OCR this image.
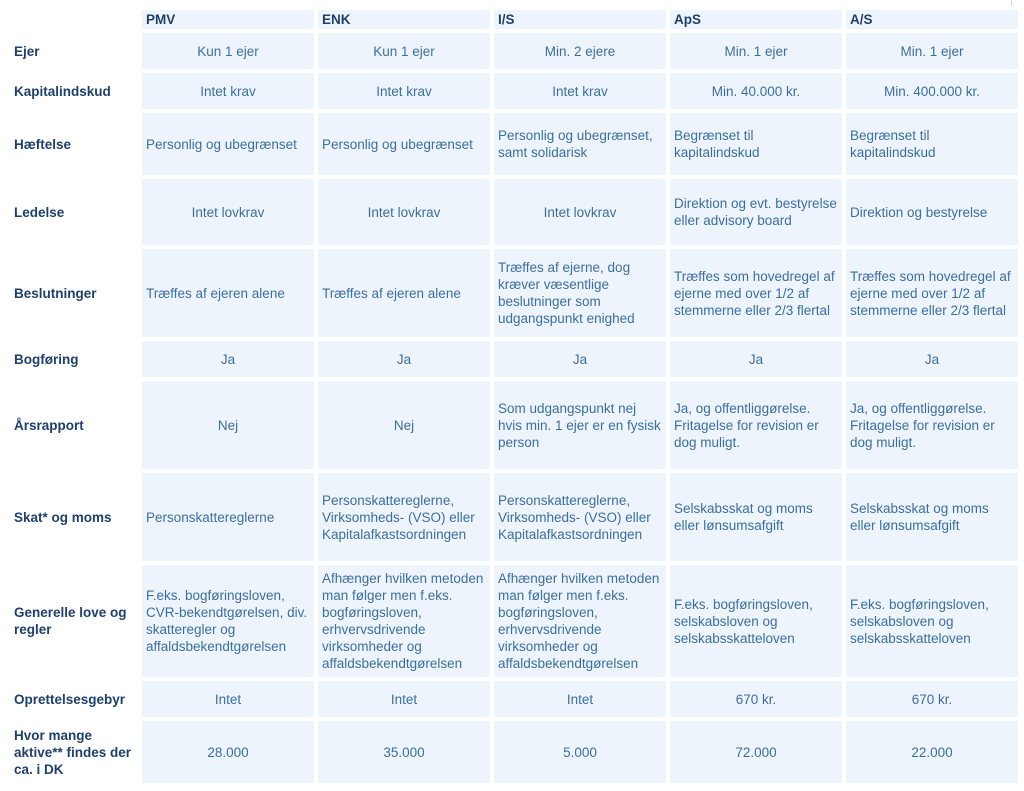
	PMV	ENK	I/S	ApS	A/S
Ejer	Kun 1 ejer	Kun 1 ejer	Min. 2 ejere	Min. 1 ejer	Min. 1 ejer
Kapitalindskud	Intet krav	Intet krav	Intet krav	Min. 40.000 kr.	Min. 400.000 kr.
Hæftelse	Personlig og ubegrænset	Personlig og ubegrænset	Personlig og ubegrænset, samt solidarisk	Begrænset til kapitalindskud	Begrænset til kapitalindskud
Ledelse	Intet lovkrav	Intet lovkrav	Intet lovkrav	Direktion og evt. bestyrelse eller advisory board	Direktion og bestyrelse
Beslutninger	Træffes af ejeren alene	Træffes af ejeren alene	Træffes af ejerne, dog kræver væsentlige beslutninger som udgangspunkt enighed	Træffes som hovedregel af ejerne med over 1/2 af stemmerne eller 2/3 flertal	Træffes som hovedregel af ejerne med over 1/2 af stemmerne eller 2/3 flertal
Bogføring	Ja	Ja	Ja	Ja	Ja
Årsrapport	Nej	Nej	Som udgangspunkt nej hvis min. 1 ejer er en fysisk person	Ja, og offentliggørelse. Fritagelse for revision er dog muligt.	Ja, og offentliggørelse. Fritagelse for revision er dog muligt.
Skat* og moms	Personskattereglerne	Personskattereglerne, Virksomheds- (VSO) eller Kapitalafkastsordningen	Personskattereglerne, Virksomheds- (VSO) eller Kapitalafkastsordningen	Selskabsskat og moms eller lønsumsafgift	Selskabsskat og moms eller lønsumsafgift
Generelle love og regler	F.eks. bogføringsloven, CVR-bekendtgørelsen, div. skatteregler og affaldsbekendtgørelsen	Afhænger hvilken metoden man følger men f.eks. bogføringsloven, erhvervsdrivende virksomheder og affaldsbekendtgørelsen	Afhænger hvilken metoden man følger men f.eks. bogføringsloven, erhvervsdrivende virksomheder og affaldsbekendtgørelsen	F.eks. bogføringsloven, selskabsloven og selskabsskatteloven	F.eks. bogføringsloven, selskabsloven og selskabsskatteloven
Oprettelsesgebyr	Intet	Intet	Intet	670 kr.	670 kr.
Hvor mange aktive** findes der ca. i DK	28.000	35.000	5.000	72.000	22.000
